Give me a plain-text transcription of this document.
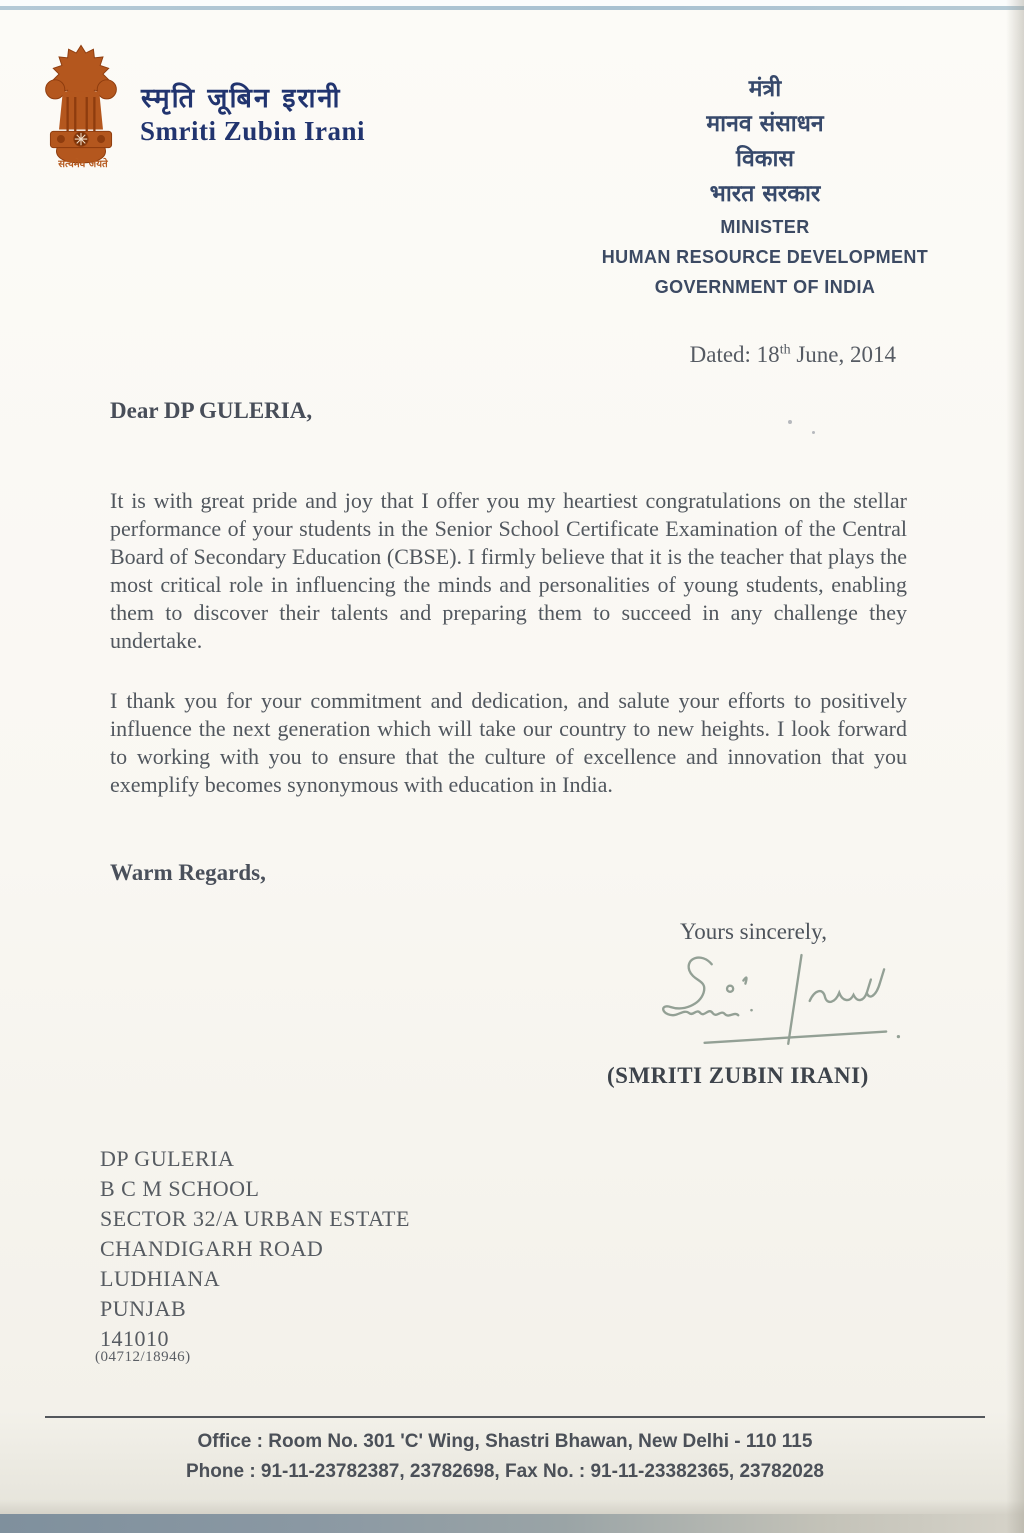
सत्यमेव जयते
स्मृति जूबिन इरानी
Smriti Zubin Irani
मंत्री
मानव संसाधन
विकास
भारत सरकार
MINISTER
HUMAN RESOURCE DEVELOPMENT
GOVERNMENT OF INDIA
Dated: 18th June, 2014
Dear DP GULERIA,

It is with great pride and joy that I offer you my heartiest congratulations on the stellar performance of your students in the Senior School Certificate Examination of the Central Board of Secondary Education (CBSE). I firmly believe that it is the teacher that plays the most critical role in influencing the minds and personalities of young students, enabling them to discover their talents and preparing them to succeed in any challenge they undertake.

I thank you for your commitment and dedication, and salute your efforts to positively influence the next generation which will take our country to new heights. I look forward to working with you to ensure that the culture of excellence and innovation that you exemplify becomes synonymous with education in India.

Warm Regards,
Yours sincerely,
(SMRITI ZUBIN IRANI)
DP GULERIA
B C M SCHOOL
SECTOR 32/A URBAN ESTATE
CHANDIGARH ROAD
LUDHIANA
PUNJAB
141010
(04712/18946)
Office : Room No. 301 'C' Wing, Shastri Bhawan, New Delhi - 110 115
Phone : 91-11-23782387, 23782698, Fax No. : 91-11-23382365, 23782028
